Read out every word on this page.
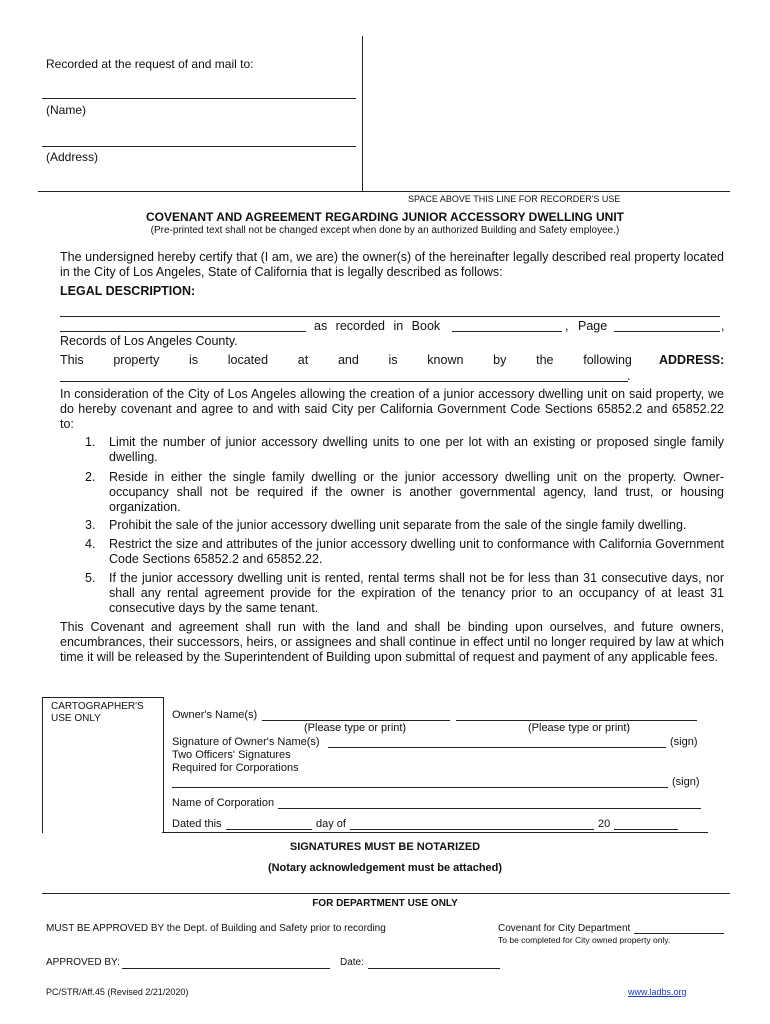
Recorded at the request of and mail to:
(Name)
(Address)
SPACE ABOVE THIS LINE FOR RECORDER'S USE
COVENANT AND AGREEMENT REGARDING JUNIOR ACCESSORY DWELLING UNIT
(Pre-printed text shall not be changed except when done by an authorized Building and Safety employee.)
The undersigned hereby certify that (I am, we are) the owner(s) of the hereinafter legally described real property located in the City of Los Angeles, State of California that is legally described as follows:
LEGAL DESCRIPTION:
as recorded in Book	, Page	,
Records of Los Angeles County.
This property is located at and is known by the following ADDRESS:
.
In consideration of the City of Los Angeles allowing the creation of a junior accessory dwelling unit on said property, we do hereby covenant and agree to and with said City per California Government Code Sections 65852.2 and 65852.22 to:
1. Limit the number of junior accessory dwelling units to one per lot with an existing or proposed single family dwelling.
2. Reside in either the single family dwelling or the junior accessory dwelling unit on the property. Owner-occupancy shall not be required if the owner is another governmental agency, land trust, or housing organization.
3. Prohibit the sale of the junior accessory dwelling unit separate from the sale of the single family dwelling.
4. Restrict the size and attributes of the junior accessory dwelling unit to conformance with California Government Code Sections 65852.2 and 65852.22.
5. If the junior accessory dwelling unit is rented, rental terms shall not be for less than 31 consecutive days, nor shall any rental agreement provide for the expiration of the tenancy prior to an occupancy of at least 31 consecutive days by the same tenant.
This Covenant and agreement shall run with the land and shall be binding upon ourselves, and future owners, encumbrances, their successors, heirs, or assignees and shall continue in effect until no longer required by law at which time it will be released by the Superintendent of Building upon submittal of request and payment of any applicable fees.
CARTOGRAPHER'S USE ONLY	Owner's Name(s)
(Please type or print)	(Please type or print)
Signature of Owner's Name(s)	(sign)
Two Officers' Signatures
Required for Corporations
(sign)
Name of Corporation
Dated this	day of	20
SIGNATURES MUST BE NOTARIZED
(Notary acknowledgement must be attached)
FOR DEPARTMENT USE ONLY
MUST BE APPROVED BY the Dept. of Building and Safety prior to recording	Covenant for City Department
To be completed for City owned property only.
APPROVED BY:	Date:
PC/STR/Aff.45 (Revised 2/21/2020)	www.ladbs.org
